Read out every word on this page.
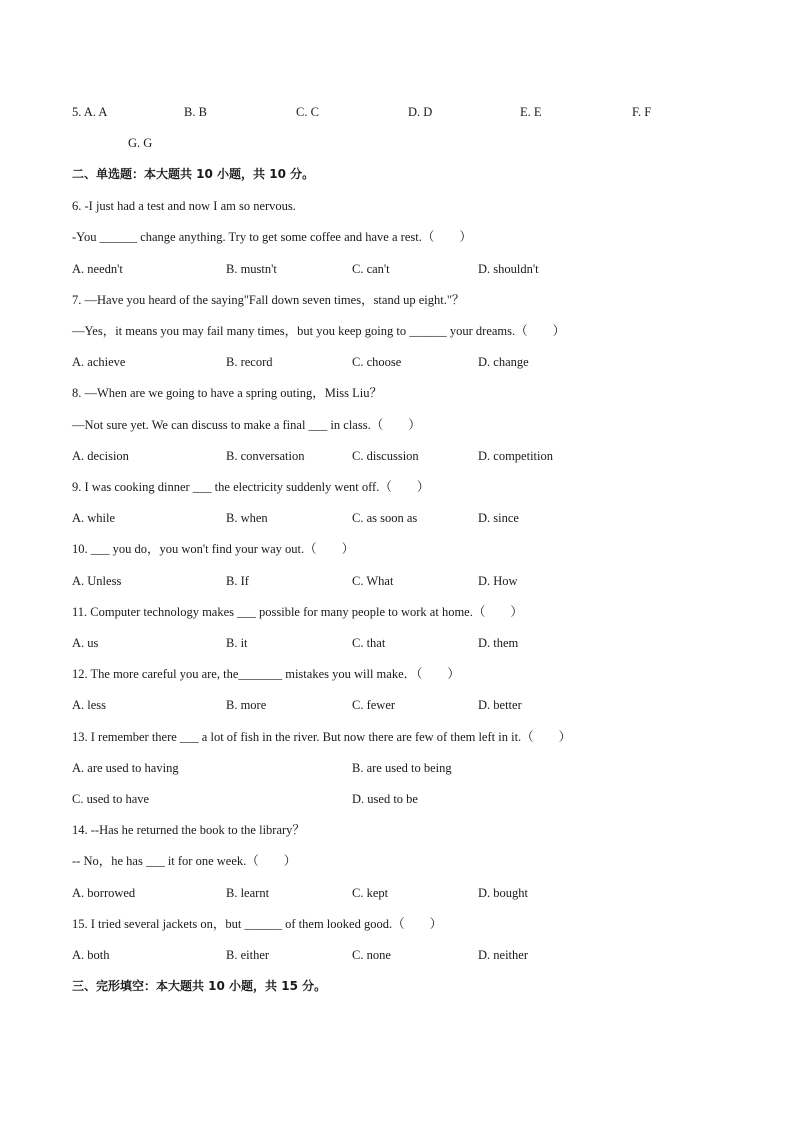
5. A. A	B. B	C. C	D. D	E. E	F. F
G. G
二、单选题：本大题共 10 小题，共 10 分。
6. -I just had a test and now I am so nervous.
-You ______ change anything. Try to get some coffee and have a rest.（　　）
A. needn't	B. mustn't	C. can't	D. shouldn't
7. —Have you heard of the saying"Fall down seven times，stand up eight."？
—Yes，it means you may fail many times，but you keep going to ______ your dreams.（　　）
A. achieve	B. record	C. choose	D. change
8. —When are we going to have a spring outing，Miss Liu？
—Not sure yet. We can discuss to make a final ___ in class.（　　）
A. decision	B. conversation	C. discussion	D. competition
9. I was cooking dinner ___ the electricity suddenly went off.（　　）
A. while	B. when	C. as soon as	D. since
10. ___ you do，you won't find your way out.（　　）
A. Unless	B. If	C. What	D. How
11. Computer technology makes ___ possible for many people to work at home.（　　）
A. us	B. it	C. that	D. them
12. The more careful you are, the_______ mistakes you will make．（　　）
A. less	B. more	C. fewer	D. better
13. I remember there ___ a lot of fish in the river. But now there are few of them left in it.（　　）
A. are used to having	B. are used to being
C. used to have	D. used to be
14. --Has he returned the book to the library？
-- No，he has ___ it for one week.（　　）
A. borrowed	B. learnt	C. kept	D. bought
15. I tried several jackets on，but ______ of them looked good.（　　）
A. both	B. either	C. none	D. neither
三、完形填空：本大题共 10 小题，共 15 分。
